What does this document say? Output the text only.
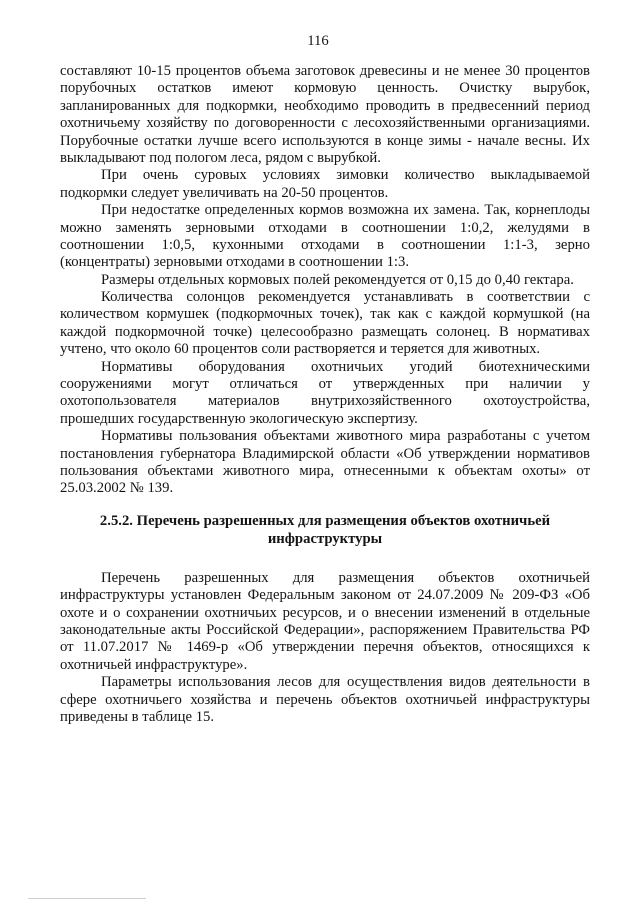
116
составляют 10-15 процентов объема заготовок древесины и не менее 30 процентов
порубочных остатков имеют кормовую ценность. Очистку вырубок,
запланированных для подкормки, необходимо проводить в предвесенний период
охотничьему хозяйству по договоренности с лесохозяйственными организациями.
Порубочные остатки лучше всего используются в конце зимы - начале весны. Их
выкладывают под пологом леса, рядом с вырубкой.
При очень суровых условиях зимовки количество выкладываемой
подкормки следует увеличивать на 20-50 процентов.
При недостатке определенных кормов возможна их замена. Так, корнеплоды
можно заменять зерновыми отходами в соотношении 1:0,2, желудями в
соотношении 1:0,5, кухонными отходами в соотношении 1:1-3, зерно
(концентраты) зерновыми отходами в соотношении 1:3.
Размеры отдельных кормовых полей рекомендуется от 0,15 до 0,40 гектара.
Количества солонцов рекомендуется устанавливать в соответствии с
количеством кормушек (подкормочных точек), так как с каждой кормушкой (на
каждой подкормочной точке) целесообразно размещать солонец. В нормативах
учтено, что около 60 процентов соли растворяется и теряется для животных.
Нормативы оборудования охотничьих угодий биотехническими
сооружениями могут отличаться от утвержденных при наличии у
охотопользователя материалов внутрихозяйственного охотоустройства,
прошедших государственную экологическую экспертизу.
Нормативы пользования объектами животного мира разработаны с учетом
постановления губернатора Владимирской области «Об утверждении нормативов
пользования объектами животного мира, отнесенными к объектам охоты» от
25.03.2002 № 139.
2.5.2. Перечень разрешенных для размещения объектов охотничьей инфраструктуры
Перечень разрешенных для размещения объектов охотничьей
инфраструктуры установлен Федеральным законом от 24.07.2009 № 209-ФЗ «Об
охоте и о сохранении охотничьих ресурсов, и о внесении изменений в отдельные
законодательные акты Российской Федерации», распоряжением Правительства РФ
от 11.07.2017 № 1469-р «Об утверждении перечня объектов, относящихся к
охотничьей инфраструктуре».
Параметры использования лесов для осуществления видов деятельности в
сфере охотничьего хозяйства и перечень объектов охотничьей инфраструктуры
приведены в таблице 15.
